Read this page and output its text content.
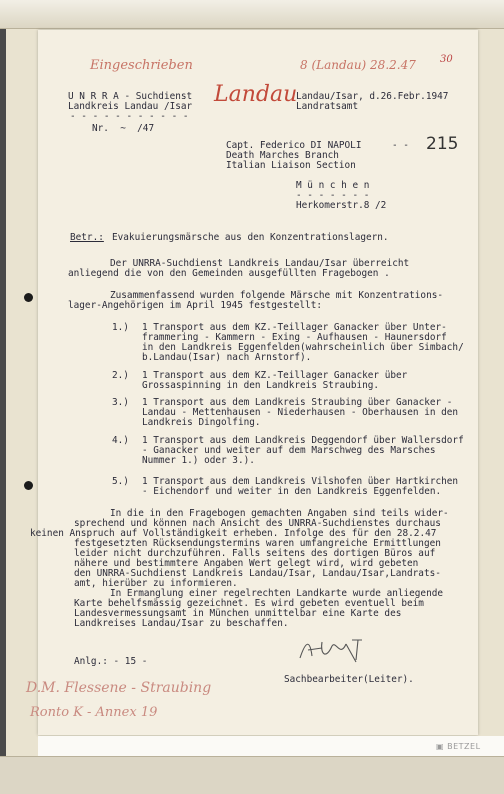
Eingeschrieben	8 (Landau) 28.2.47 30
U N R R A - Suchdienst
Landkreis Landau /Isar
- - - - - - - - - - -
Nr.  ~  /47
Landau
Landau/Isar, d.26.Febr.1947
Landratsamt
- - 215
Capt. Federico DI NAPOLI
Death Marches Branch
Italian Liaison Section
M ü n c h e n
- - - - - - -
Herkomerstr.8 /2
Betr.: Evakuierungsmärsche aus den Konzentrationslagern.
Der UNRRA-Suchdienst Landkreis Landau/Isar überreicht
anliegend die von den Gemeinden ausgefüllten Fragebogen .
Zusammenfassend wurden folgende Märsche mit Konzentrations-
lager-Angehörigen im April 1945 festgestellt:
1.) 1 Transport aus dem KZ.-Teillager Ganacker über Unter-
frammering - Kammern - Exing - Aufhausen - Haunersdorf
in den Landkreis Eggenfelden(wahrscheinlich über Simbach/
b.Landau(Isar) nach Arnstorf).
2.) 1 Transport aus dem KZ.-Teillager Ganacker über
Grossaspinning in den Landkreis Straubing.
3.) 1 Transport aus dem Landkreis Straubing über Ganacker -
Landau - Mettenhausen - Niederhausen - Oberhausen in den
Landkreis Dingolfing.
4.) 1 Transport aus dem Landkreis Deggendorf über Wallersdorf
- Ganacker und weiter auf dem Marschweg des Marsches
Nummer 1.) oder 3.).
5.) 1 Transport aus dem Landkreis Vilshofen über Hartkirchen
- Eichendorf und weiter in den Landkreis Eggenfelden.
In die in den Fragebogen gemachten Angaben sind teils wider-
sprechend und können nach Ansicht des UNRRA-Suchdienstes durchaus
keinen Anspruch auf Vollständigkeit erheben. Infolge des für den 28.2.47
festgesetzten Rücksendungstermins waren umfangreiche Ermittlungen
leider nicht durchzuführen. Falls seitens des dortigen Büros auf
nähere und bestimmtere Angaben Wert gelegt wird, wird gebeten
den UNRRA-Suchdienst Landkreis Landau/Isar, Landau/Isar,Landrats-
amt, hierüber zu informieren.
In Ermanglung einer regelrechten Landkarte wurde anliegende
Karte behelfsmässig gezeichnet. Es wird gebeten eventuell beim
Landesvermessungsamt in München unmittelbar eine Karte des
Landkreises Landau/Isar zu beschaffen.
Anlg.: - 15 -
Sachbearbeiter(Leiter).
D.M. Flessene - Straubing
Ronto K - Annex 19
▣ BETZEL
